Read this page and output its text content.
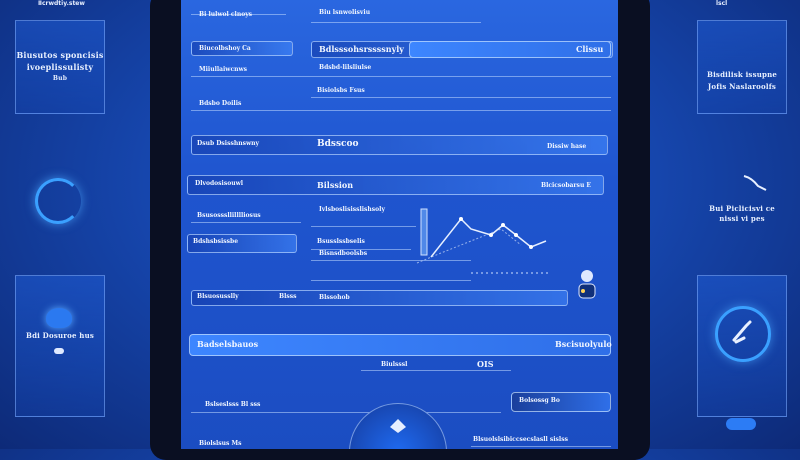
Ⅱcrwdtiy.stew
Biusutos sponcisis
ivoeplissulisty
Bub
Bdi Dosuroe hus
lscl
Bisdilisk issupne
Jofis Naslaroolfs
Bui Piclicisvi ce
nissi vi pes
Bi lulwol clnoys	Biu lsnwolisviu
Biucolbshoy Ca	Bdlsssohsrssssnyly	Clissu
Miiullaiwcnws	Bdsbd-lilsliulse
Bisiolsbs Fsus
Bdsbo Doilis
Dsub Dsisshnswny	Bdsscoo	Dissiw hase
Dlvodosisouwl	Bilssion	Blcicsobarsu E
Ivlsboslisisslishsoly
Bsusosssllilllliosus
Bdshsbsissbe	Bsusslssbselis
Bisnsdboolsbs
Blsuosusslly	Blsss	Blssohob
Badselsbauos	Bscisuolyulo
Biulsssl	OIS
Bslseslsss Bl sss
Bolsossg Bo
Biolslsus Ms
Blsuolslsibiccsecslasll sislss
